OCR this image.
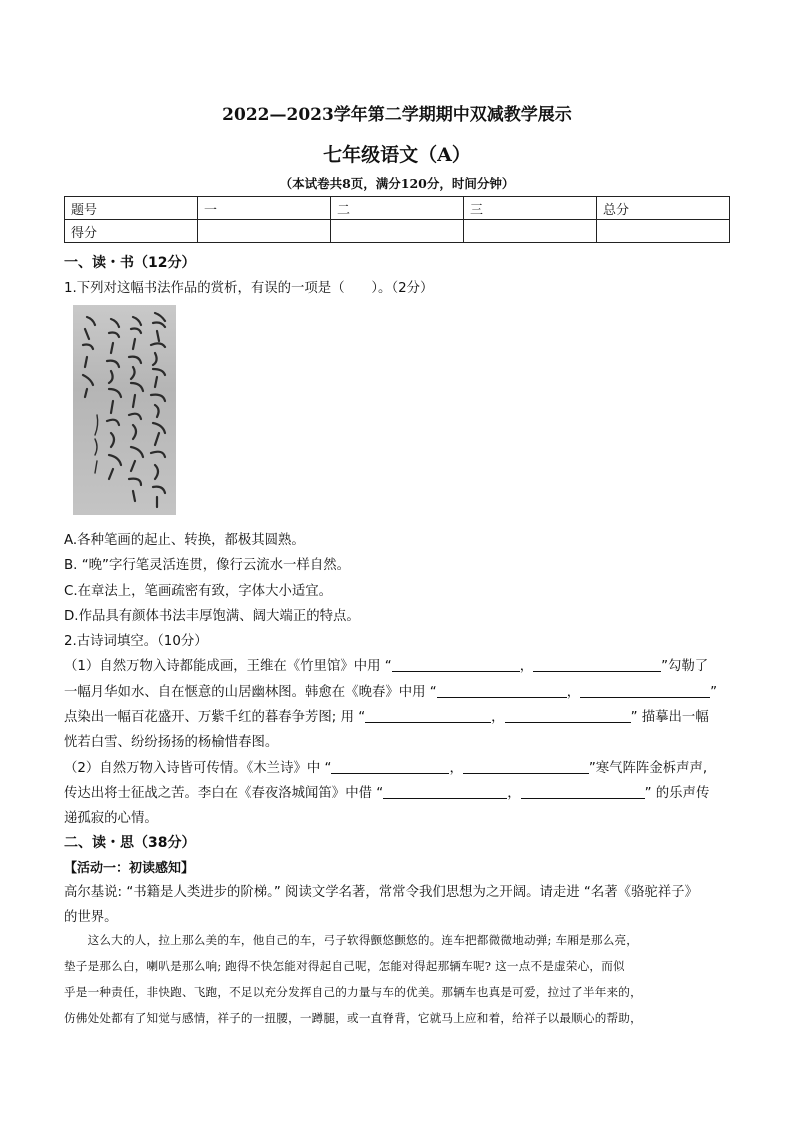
2022—2023学年第二学期期中双减教学展示
七年级语文（A）
（本试卷共8页，满分120分，时间分钟）
题号	一	二	三	总分
得分				
一、读・书（12分）
1.下列对这幅书法作品的赏析，有误的一项是（　　）。（2分）
A.各种笔画的起止、转换，都极其圆熟。
B. “晚”字行笔灵活连贯，像行云流水一样自然。
C.在章法上，笔画疏密有致，字体大小适宜。
D.作品具有颜体书法丰厚饱满、阔大端正的特点。
2.古诗词填空。（10分）
（1）自然万物入诗都能成画，王维在《竹里馆》中用 “	，	”勾勒了
一幅月华如水、自在惬意的山居幽林图。韩愈在《晚春》中用 “	，	”
点染出一幅百花盛开、万紫千红的暮春争芳图; 用 “	，	” 描摹出一幅
恍若白雪、纷纷扬扬的杨榆惜春图。
（2）自然万物入诗皆可传情。《木兰诗》中 “	，	”寒气阵阵金柝声声,
传达出将士征战之苦。李白在《春夜洛城闻笛》中借 “	，	” 的乐声传
递孤寂的心情。
二、读・思（38分）
【活动一：初读感知】
高尔基说: “书籍是人类进步的阶梯。” 阅读文学名著，常常令我们思想为之开阔。请走进 “名著《骆驼祥子》
的世界。
　　这么大的人，拉上那么美的车，他自己的车，弓子软得颤悠颤悠的。连车把都微微地动弹; 车厢是那么亮，
垫子是那么白，喇叭是那么响; 跑得不快怎能对得起自己呢，怎能对得起那辆车呢? 这一点不是虚荣心，而似
乎是一种责任，非快跑、飞跑，不足以充分发挥自己的力量与车的优美。那辆车也真是可爱，拉过了半年来的，
仿佛处处都有了知觉与感情，祥子的一扭腰，一蹲腿，或一直脊背，它就马上应和着，给祥子以最顺心的帮助，
